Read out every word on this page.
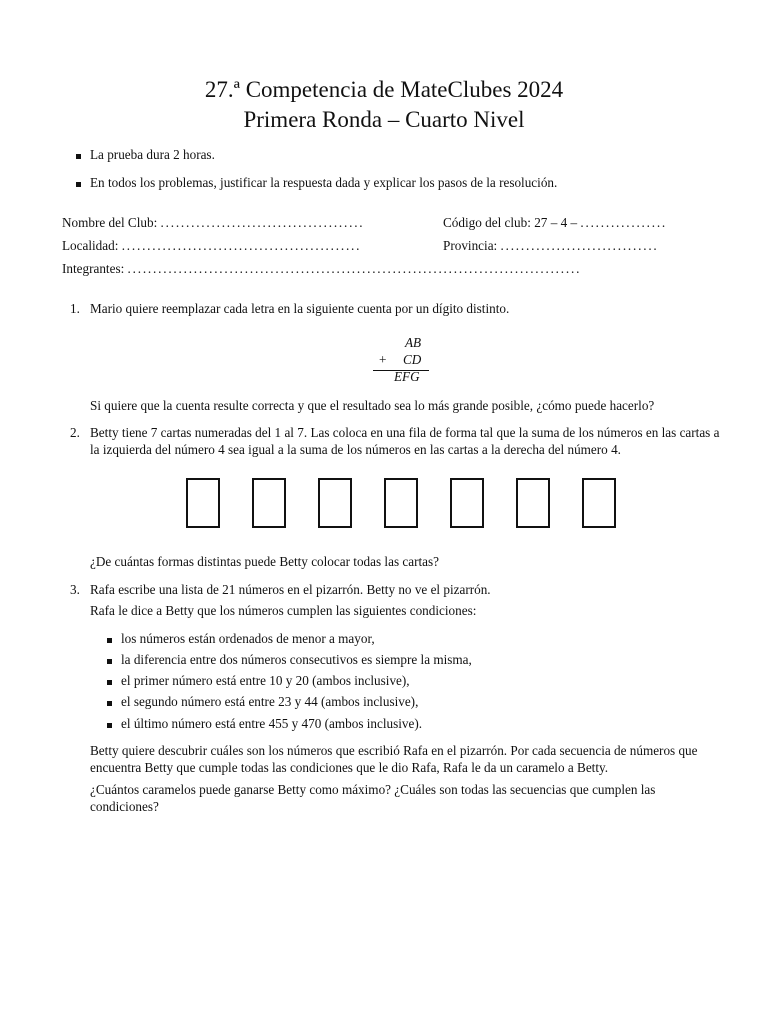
27.ª Competencia de MateClubes 2024
Primera Ronda – Cuarto Nivel
La prueba dura 2 horas.
En todos los problemas, justificar la respuesta dada y explicar los pasos de la resolución.
Nombre del Club: ........................................	Código del club: 27 – 4 – .................
Localidad: ...............................................	Provincia: ...............................
Integrantes: .........................................................................................
1. Mario quiere reemplazar cada letra en la siguiente cuenta por un dígito distinto.
AB
+ CD
EFG
Si quiere que la cuenta resulte correcta y que el resultado sea lo más grande posible, ¿cómo puede hacerlo?
2. Betty tiene 7 cartas numeradas del 1 al 7. Las coloca en una fila de forma tal que la suma de los números en las cartas a la izquierda del número 4 sea igual a la suma de los números en las cartas a la derecha del número 4.
¿De cuántas formas distintas puede Betty colocar todas las cartas?
3. Rafa escribe una lista de 21 números en el pizarrón. Betty no ve el pizarrón.
Rafa le dice a Betty que los números cumplen las siguientes condiciones:
los números están ordenados de menor a mayor,
la diferencia entre dos números consecutivos es siempre la misma,
el primer número está entre 10 y 20 (ambos inclusive),
el segundo número está entre 23 y 44 (ambos inclusive),
el último número está entre 455 y 470 (ambos inclusive).
Betty quiere descubrir cuáles son los números que escribió Rafa en el pizarrón. Por cada secuencia de números que encuentra Betty que cumple todas las condiciones que le dio Rafa, Rafa le da un caramelo a Betty.
¿Cuántos caramelos puede ganarse Betty como máximo? ¿Cuáles son todas las secuencias que cumplen las condiciones?
